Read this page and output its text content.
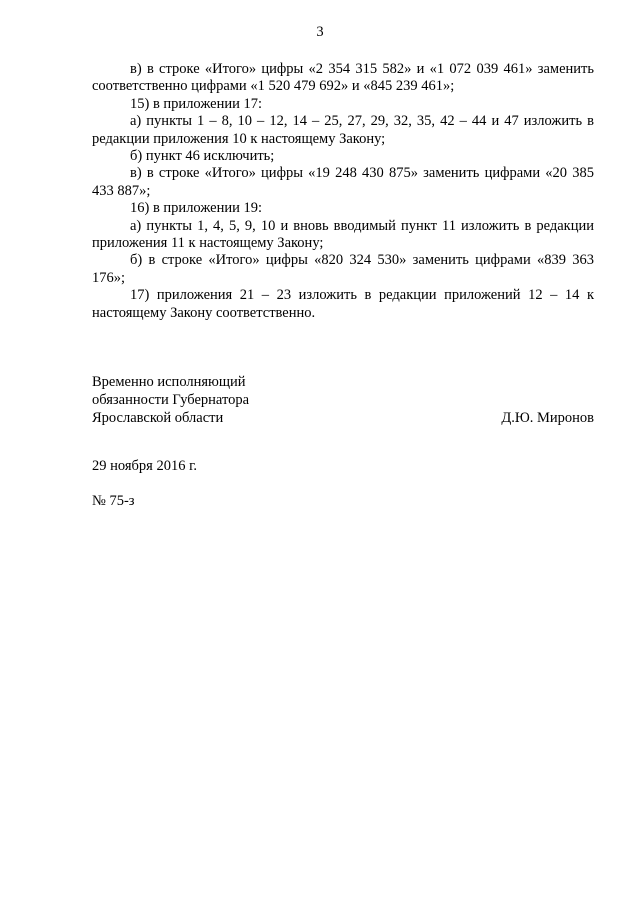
3

в) в строке «Итого» цифры «2 354 315 582» и «1 072 039 461» заменить соответственно цифрами «1 520 479 692» и «845 239 461»;

15) в приложении 17:

а) пункты 1 – 8, 10 – 12, 14 – 25, 27, 29, 32, 35, 42 – 44 и 47 изложить в редакции приложения 10 к настоящему Закону;

б) пункт 46 исключить;

в) в строке «Итого» цифры «19 248 430 875» заменить цифрами «20 385 433 887»;

16) в приложении 19:

а) пункты 1, 4, 5, 9, 10 и вновь вводимый пункт 11 изложить в редакции приложения 11 к настоящему Закону;

б) в строке «Итого» цифры «820 324 530» заменить цифрами «839 363 176»;

17) приложения 21 – 23 изложить в редакции приложений 12 – 14 к настоящему Закону соответственно.

Временно исполняющий
обязанности Губернатора
Ярославской области	Д.Ю. Миронов
29 ноября 2016 г.
№ 75-з
